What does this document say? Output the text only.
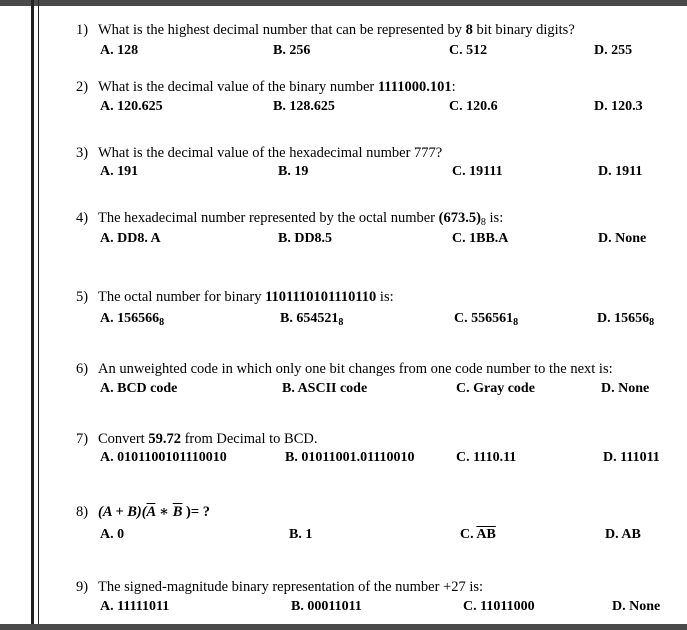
1) What is the highest decimal number that can be represented by 8 bit binary digits?
A. 128	B. 256	C. 512	D. 255
2) What is the decimal value of the binary number 1111000.101:
A. 120.625	B. 128.625	C. 120.6	D. 120.3
3) What is the decimal value of the hexadecimal number 777?
A. 191	B. 19	C. 19111	D. 1911
4) The hexadecimal number represented by the octal number $(673.5)_8$ is:
A. DD8. A	B. DD8.5	C. 1BB.A	D. None
5) The octal number for binary 1101110101110110 is:
A. $156566_8$	B. $654521_8$	C. $556561_8$	D. $15656_8$
6) An unweighted code in which only one bit changes from one code number to the next is:
A. BCD code	B. ASCII code	C. Gray code	D. None
7) Convert 59.72 from Decimal to BCD.
A. 0101100101110010	B. 01011001.01110010	C. 1110.11	D. 111011
8) $(A + B)(\overline{A}$ ∗ $\overline{B}$ )= ?
A. 0	B. 1	C. $\overline{AB}$	D. AB
9) The signed-magnitude binary representation of the number +27 is:
A. 11111011	B. 00011011	C. 11011000	D. None
